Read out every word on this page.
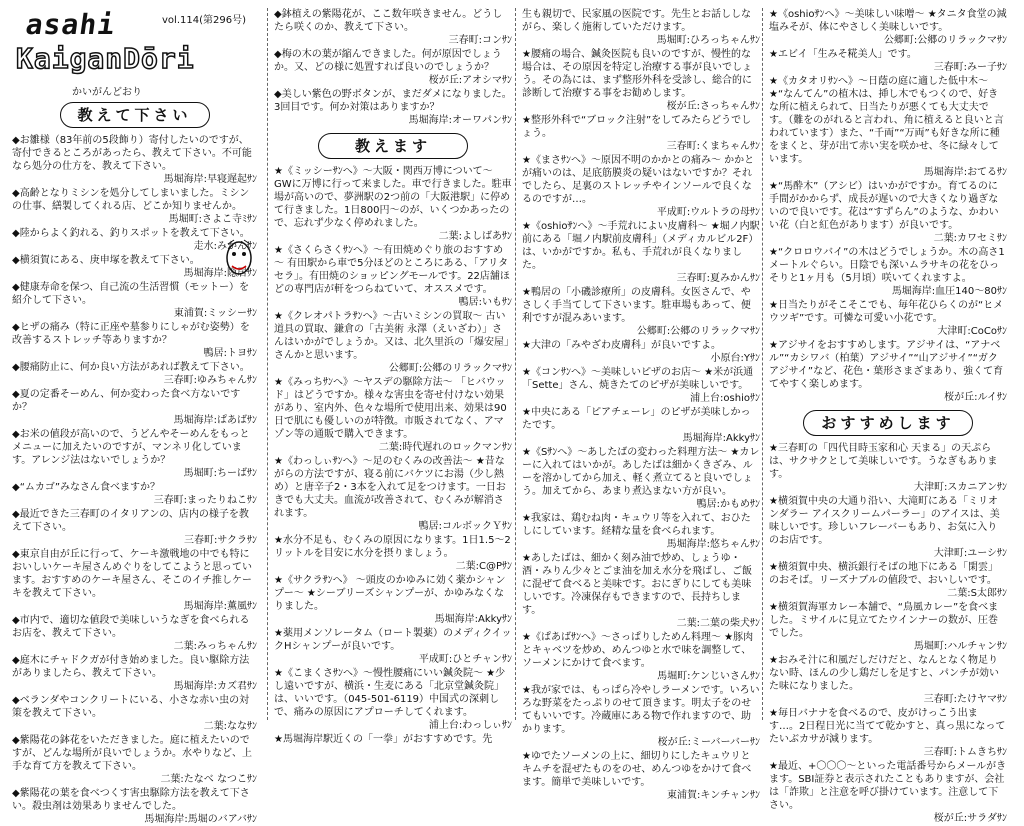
asahi
KaiganDōri
かいがんどおり
vol.114(第296号)
教えて下さい
◆お雛様（83年前の5段飾り）寄付したいのですが、寄付できるところがあったら、教えて下さい。不可能なら処分の仕方を、教えて下さい。
馬堀海岸:早寝遅起ｻﾝ
◆高齢となりミシンを処分してしまいました。ミシンの仕事、繕製してくれる店、どこか知りませんか。
馬堀町:さよこ寺ﾐｻﾝ
◆陸からよく釣れる、釣りスポットを教えて下さい。
走水:みかんｻﾝ
◆横須賀にある、庚申塚を教えて下さい。
馬堀海岸:隠居ｻﾝ
◆健康寿命を保つ、自己流の生活習慣（モットー）を紹介して下さい。
東浦賀:ミッシーｻﾝ
◆ヒザの痛み（特に正座や墓参りにしゃがむ姿勢）を改善するストレッチ等ありますか？
鴨居:トヨｻﾝ
◆腰痛防止に、何か良い方法があれば教えて下さい。
三春町:ゆみちゃんｻﾝ
◆夏の定番そーめん、何か変わった食べ方ないですか？
馬堀海岸:ぱあばｻﾝ
◆お米の値段が高いので、うどんやそーめんをもっとメニューに加えたいのですが、マンネリ化しています。アレンジ法はないでしょうか？
馬堀町:ちーばｻﾝ
◆“ムカゴ”みなさん食べますか？
三春町:まったりねこｻﾝ
◆最近できた三春町のイタリアンの、店内の様子を教えて下さい。
三春町:サクラｻﾝ
◆東京自由が丘に行って、ケーキ激戦地の中でも特においしいケーキ屋さんめぐりをしてこようと思っています。おすすめのケーキ屋さん、そこのイチ推しケーキを教えて下さい。
馬堀海岸:薫風ｻﾝ
◆市内で、適切な値段で美味しいうなぎを食べられるお店を、教えて下さい。
二葉:みっちゃんｻﾝ
◆庭木にチャドクガが付き始めました。良い駆除方法がありましたら、教えて下さい。
馬堀海岸:カズ君ｻﾝ
◆ベランダやコンクリートにいる、小さな赤い虫の対策を教えて下さい。
二葉:ななｻﾝ
◆紫陽花の鉢花をいただきました。庭に植えたいのですが、どんな場所が良いでしょうか。水やりなど、上手な育て方を教えて下さい。
二葉:たなべ なつこｻﾝ
◆紫陽花の葉を食べつくす害虫駆除方法を教えて下さい。殺虫剤は効果ありませんでした。
馬堀海岸:馬堀のバアバｻﾝ
◆鉢植えの紫陽花が、ここ数年咲きません。どうしたら咲くのか、教えて下さい。
三春町:コンｻﾝ
◆梅の木の葉が縮んできました。何が原因でしょうか。又、どの様に処置すれば良いのでしょうか？
桜が丘:アオシマｻﾝ
◆美しい紫色の野ボタンが、まだダメになりました。3回目です。何か対策はありますか？
馬堀海岸:オーワパンｻﾝ
教えます
★《ミッシーｻﾝへ》～大阪・関西万博について～ GWに万博に行って来ました。車で行きました。駐車場が高いので、夢洲駅の2つ前の「大阪港駅」に停めて行きました。1日800円～のが、いくつかあったので、忘れず少なく停めれました。
二葉:よしばあｻﾝ
★《さくらさくｻﾝへ》～有田焼めぐり旅のおすすめ～ 有田駅から車で5分ほどのところにある、「アリタセラ」。有田焼のショッピングモールです。22店舗ほどの専門店が軒をつらねていて、オススメです。
鴨居:いもｻﾝ
★《クレオパトラｻﾝへ》～古いミシンの買取～ 古い道具の買取、鎌倉の「古美術 永澤（えいざわ）」さんはいかがでしょうか。又は、北久里浜の「爆安屋」さんかと思います。
公郷町:公郷のリラックマｻﾝ
★《みっちｻﾝへ》～ヤスデの駆除方法～ 「ヒバウッド」はどうですか。様々な害虫を寄せ付けない効果があり、室内外、色々な場所で使用出来、効果は90日で肌にも優しいのが特徴。市販されてなく、アマゾン等の通販で購入できます。
二葉:時代遅れのロックマンｻﾝ
★《わっしぃｻﾝへ》～足のむくみの改善法～ ★昔ながらの方法ですが、寝る前にバケツにお湯（少し熱め）と唐辛子2・3本を入れて足をつけます。一日おきでも大丈夫。血流が改善されて、むくみが解消されます。
鴨居:コルボックＹｻﾝ
★水分不足も、むくみの原因になります。1日1.5～2リットルを目安に水分を摂りましょう。
二葉:C@Pｻﾝ
★《サクラｻﾝへ》 ～頭皮のかゆみに効く薬かシャンプー～ ★シーブリーズシャンプーが、かゆみなくなりました。
馬堀海岸:Akkyｻﾝ
★薬用メンソレータム（ロート製薬）のメディクイックHシャンプーが良いです。
平成町:ひとチャンｻﾝ
★《こまくさｻﾝへ》～慢性腰痛にいい鍼灸院～ ★少し遠いですが、横浜・生麦にある「北京堂鍼灸院」は、いいです。（045-501-6119）中国式の深刺しで、痛みの原因にアプローチしてくれます。
浦上台:わっしぃｻﾝ
★馬堀海岸駅近くの「一拳」がおすすめです。先
生も親切で、民家風の医院です。先生とお話ししながら、楽しく施術していただけます。
馬堀町:ひろっちゃんｻﾝ
★腰痛の場合、鍼灸医院も良いのですが、慢性的な場合は、その原因を特定し治療する事が良いでしょう。その為には、まず整形外科を受診し、総合的に診断して治療する事をお勧めします。
桜が丘:さっちゃんｻﾝ
★整形外科で“ブロック注射”をしてみたらどうでしょう。
三春町:くまちゃんｻﾝ
★《まさｻﾝへ》～原因不明のかかとの痛み～ かかとが痛いのは、足底筋膜炎の疑いはないですか？それでしたら、足裏のストレッチやインソールで良くなるのですが…。
平成町:ウルトラの母ｻﾝ
★《oshioｻﾝへ》～手荒れによい皮膚科～ ★堀ノ内駅前にある「堀ノ内駅前皮膚科」（メディカルビル2F）は、いかがですか。私も、手荒れが良くなりました。
三春町:夏みかんｻﾝ
★鴨居の「小磯診療所」の皮膚科。女医さんで、やさしく手当てして下さいます。駐車場もあって、便利ですが混みあいます。
公郷町:公郷のリラックマｻﾝ
★大津の「みやざわ皮膚科」が良いですよ。
小原台:Yｻﾝ
★《コンｻﾝへ》～美味しいピザのお店～ ★米が浜通「Sette」さん、焼きたてのピザが美味しいです。
浦上台:oshioｻﾝ
★中央にある「ピアチェーレ」のピザが美味しかったです。
馬堀海岸:Akkyｻﾝ
★《Sｻﾝへ》～あしたばの変わった料理方法～ ★カレーに入れてはいかが。あしたばは細かくきざみ、ルーを溶かしてから加え、軽く煮立てると良いでしょう。加えてから、あまり煮込まない方が良い。
鴨居:かもめｻﾝ
★我家は、鶏むね肉・キュウリ等を入れて、おひたしにしています。経精な量を食べられます。
馬堀海岸:悠ちゃんｻﾝ
★あしたばは、細かく刻み油で炒め、しょうゆ・酒・みりん少々とごま油を加え水分を飛ばし、ご飯に混ぜて食べると美味です。おにぎりにしても美味しいです。冷凍保存もできますので、長持ちします。
二葉:二葉の柴犬ｻﾝ
★《ぱあばｻﾝへ》～さっぱりしためん料理～ ★豚肉とキャベツを炒め、めんつゆと水で味を調整して、ソーメンにかけて食べます。
馬堀町:ケンじいさんｻﾝ
★我が家では、もっぱら冷やしラーメンです。いろいろな野菜をたっぷりのせて頂きます。明太子をのせてもいいです。冷蔵庫にある物で作れますので、助かります。
桜が丘:ミーバーバーｻﾝ
★ゆでたソーメンの上に、細切りにしたキュウリとキムチを混ぜたものをのせ、めんつゆをかけて食べます。簡単で美味しいです。
東浦賀:キンチャンｻﾝ
★《oshioｻﾝへ》～美味しい味噌～ ★タニタ食堂の減塩みそが、体にやさしく美味しいです。
公郷町:公郷のリラックマｻﾝ
★エビイ「生みそ糀美人」です。
三春町:みー子ｻﾝ
★《カタオリｻﾝへ》～日蔭の庭に適した低中木～ ★“なんてん”の植木は、挿し木でもつくので、好きな所に植えられて、日当たりが悪くても大丈夫です。（難をのがれると言われ、角に植えると良いと言われています）また、“千両”“万両”も好きな所に種をまくと、芽が出て赤い実を咲かせ、冬に緑々しています。
馬堀海岸:おてるｻﾝ
★“馬酔木”（アシビ）はいかがですか。育てるのに手間がかからず、成長が遅いので大きくなり過ぎないので良いです。花は“すずらん”のような、かわいい花（白と紅色があります）が良いです。
二葉:カワセミｻﾝ
★“クロロウバイ”の木はどうでしょうか。木の高さ1メートルぐらい。日陰でも深いムラサキの花をひっそりと1ヶ月も（5月頃）咲いてくれますよ。
馬堀海岸:血圧140～80ｻﾝ
★日当たりがそこそこでも、毎年花ひらくのが“ヒメウツギ”です。可憐な可愛い小花です。
大津町:CoCoｻﾝ
★アジサイをおすすめします。アジサイは、“アナベル”“カシワバ（柏葉）アジサイ”“山アジサイ”“ガクアジサイ”など、花色・葉形さまざまあり、強くて育てやすく楽しめます。
桜が丘:ルイｻﾝ
おすすめします
★三春町の「四代目時玉家和心 天まる」の天ぷらは、サクサクとして美味しいです。うなぎもあります。
大津町:スカニアンｻﾝ
★横須賀中央の大通り沿い、大滝町にある「ミリオンダラー アイスクリームパーラー」のアイスは、美味しいです。珍しいフレーバーもあり、お気に入りのお店です。
大津町:ユーシｻﾝ
★横須賀中央、横浜銀行そばの地下にある「閑雲」のおそば。リーズナブルの値段で、おいしいです。
二葉:S太郎ｻﾝ
★横須賀海軍カレー本舗で、“鳥風カレー”を食べました。ミサイルに見立てたウインナーの数が、圧巻でした。
馬堀町:ハルチャンｻﾝ
★おみそ汁に和風だしだけだと、なんとなく物足りない時、ほんの少し鶏だしを足すと、パンチが効いた味になりました。
三春町:たけヤマｻﾝ
★毎日バナナを食べるので、皮がけっこう出ます…。2日程日光に当てて乾かすと、真っ黒になってたいぶカサが減ります。
三春町:トムきちｻﾝ
★最近、+〇〇〇～といった電話番号からメールがきます。SBI証券と表示されたこともありますが、会社は「詐欺」と注意を呼び掛けています。注意して下さい。
桜が丘:サラダｻﾝ
